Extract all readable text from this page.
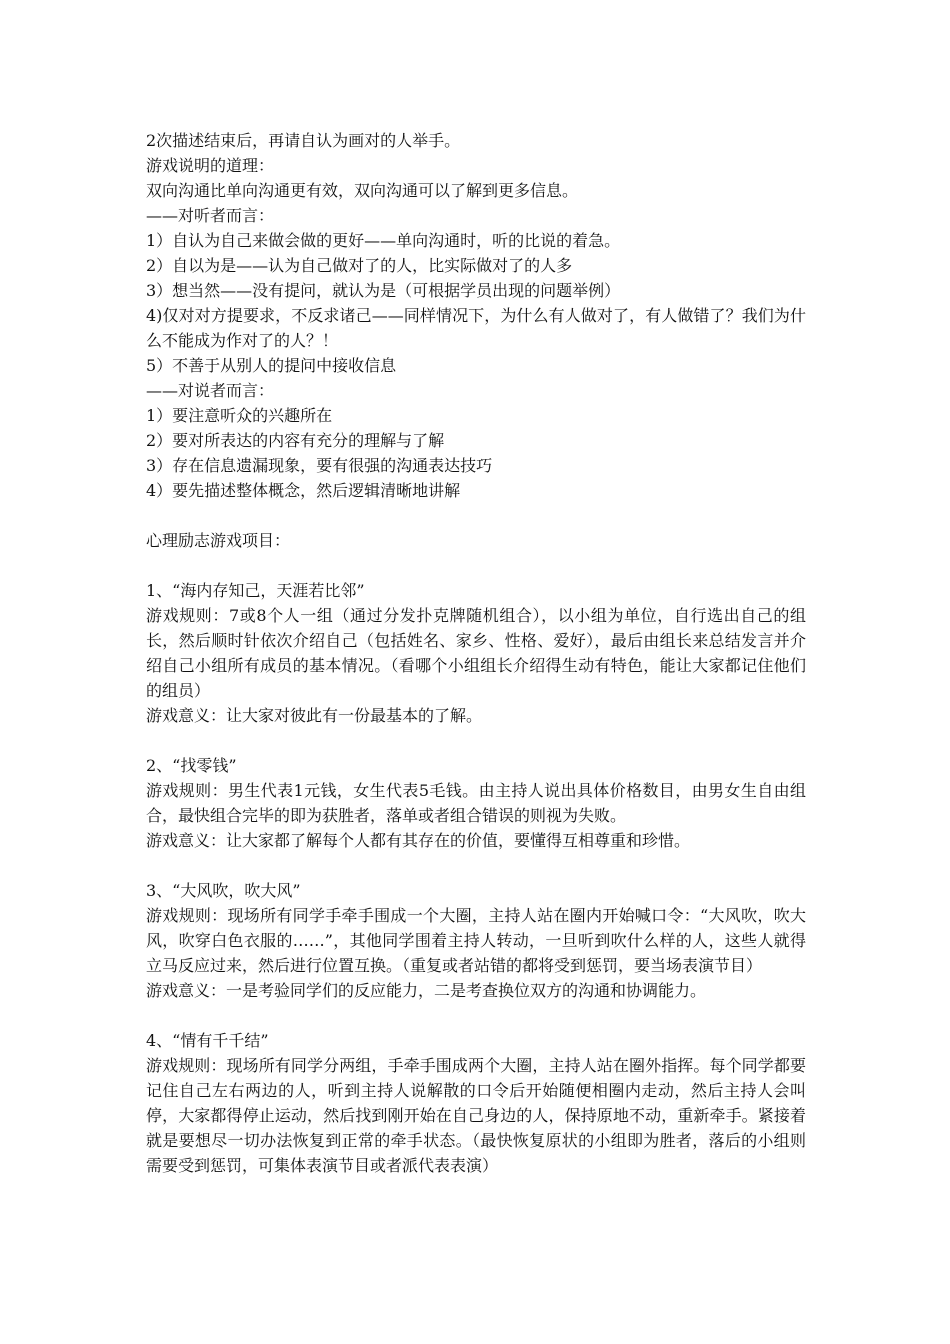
2次描述结束后，再请自认为画对的人举手。
游戏说明的道理：
双向沟通比单向沟通更有效，双向沟通可以了解到更多信息。
——对听者而言：
1）自认为自己来做会做的更好——单向沟通时，听的比说的着急。
2）自以为是——认为自己做对了的人，比实际做对了的人多
3）想当然——没有提问，就认为是（可根据学员出现的问题举例）
4)仅对对方提要求，不反求诸己——同样情况下，为什么有人做对了，有人做错了？我们为什么不能成为作对了的人？！
5）不善于从别人的提问中接收信息
——对说者而言：
1）要注意听众的兴趣所在
2）要对所表达的内容有充分的理解与了解
3）存在信息遗漏现象，要有很强的沟通表达技巧
4）要先描述整体概念，然后逻辑清晰地讲解
心理励志游戏项目：
1、“海内存知己，天涯若比邻”
游戏规则：7或8个人一组（通过分发扑克牌随机组合），以小组为单位，自行选出自己的组长，然后顺时针依次介绍自己（包括姓名、家乡、性格、爱好），最后由组长来总结发言并介绍自己小组所有成员的基本情况。（看哪个小组组长介绍得生动有特色，能让大家都记住他们的组员）
游戏意义：让大家对彼此有一份最基本的了解。
2、“找零钱”
游戏规则：男生代表1元钱，女生代表5毛钱。由主持人说出具体价格数目，由男女生自由组合，最快组合完毕的即为获胜者，落单或者组合错误的则视为失败。
游戏意义：让大家都了解每个人都有其存在的价值，要懂得互相尊重和珍惜。
3、“大风吹，吹大风”
游戏规则：现场所有同学手牵手围成一个大圈，主持人站在圈内开始喊口令：“大风吹，吹大风，吹穿白色衣服的……”，其他同学围着主持人转动，一旦听到吹什么样的人，这些人就得立马反应过来，然后进行位置互换。（重复或者站错的都将受到惩罚，要当场表演节目）
游戏意义：一是考验同学们的反应能力，二是考查换位双方的沟通和协调能力。
4、“情有千千结”
游戏规则：现场所有同学分两组，手牵手围成两个大圈，主持人站在圈外指挥。每个同学都要记住自己左右两边的人，听到主持人说解散的口令后开始随便相圈内走动，然后主持人会叫停，大家都得停止运动，然后找到刚开始在自己身边的人，保持原地不动，重新牵手。紧接着就是要想尽一切办法恢复到正常的牵手状态。（最快恢复原状的小组即为胜者，落后的小组则需要受到惩罚，可集体表演节目或者派代表表演）
